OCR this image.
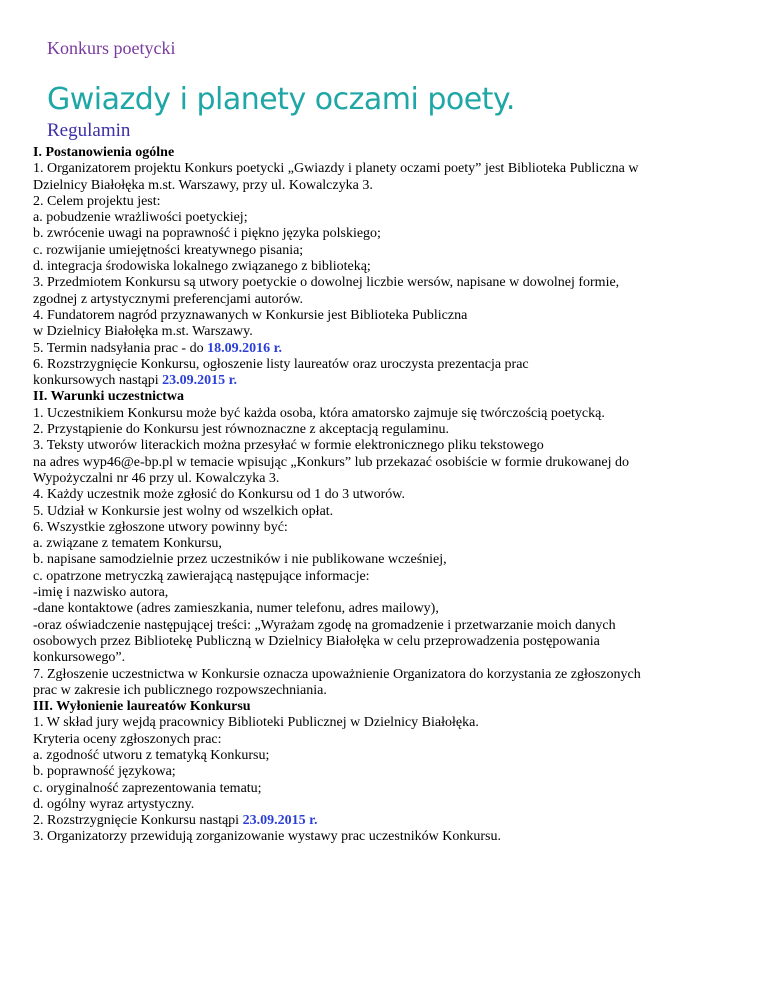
Konkurs poetycki
Gwiazdy i planety oczami poety.
Regulamin
I. Postanowienia ogólne
1. Organizatorem projektu Konkurs poetycki „Gwiazdy i planety oczami poety” jest Biblioteka Publiczna w
Dzielnicy Białołęka m.st. Warszawy, przy ul. Kowalczyka 3.
2. Celem projektu jest:
a. pobudzenie wrażliwości poetyckiej;
b. zwrócenie uwagi na poprawność i piękno języka polskiego;
c. rozwijanie umiejętności kreatywnego pisania;
d. integracja środowiska lokalnego związanego z biblioteką;
3. Przedmiotem Konkursu są utwory poetyckie o dowolnej liczbie wersów, napisane w dowolnej formie,
zgodnej z artystycznymi preferencjami autorów.
4. Fundatorem nagród przyznawanych w Konkursie jest Biblioteka Publiczna
w Dzielnicy Białołęka m.st. Warszawy.
5. Termin nadsyłania prac - do 18.09.2016 r.
6. Rozstrzygnięcie Konkursu, ogłoszenie listy laureatów oraz uroczysta prezentacja prac
konkursowych nastąpi 23.09.2015 r.
II. Warunki uczestnictwa
1. Uczestnikiem Konkursu może być każda osoba, która amatorsko zajmuje się twórczością poetycką.
2. Przystąpienie do Konkursu jest równoznaczne z akceptacją regulaminu.
3. Teksty utworów literackich można przesyłać w formie elektronicznego pliku tekstowego
na adres wyp46@e-bp.pl w temacie wpisując „Konkurs” lub przekazać osobiście w formie drukowanej do
Wypożyczalni nr 46 przy ul. Kowalczyka 3.
4. Każdy uczestnik może zgłosić do Konkursu od 1 do 3 utworów.
5. Udział w Konkursie jest wolny od wszelkich opłat.
6. Wszystkie zgłoszone utwory powinny być:
a. związane z tematem Konkursu,
b. napisane samodzielnie przez uczestników i nie publikowane wcześniej,
c. opatrzone metryczką zawierającą następujące informacje:
-imię i nazwisko autora,
-dane kontaktowe (adres zamieszkania, numer telefonu, adres mailowy),
-oraz oświadczenie następującej treści: „Wyrażam zgodę na gromadzenie i przetwarzanie moich danych
osobowych przez Bibliotekę Publiczną w Dzielnicy Białołęka w celu przeprowadzenia postępowania
konkursowego”.
7. Zgłoszenie uczestnictwa w Konkursie oznacza upoważnienie Organizatora do korzystania ze zgłoszonych
prac w zakresie ich publicznego rozpowszechniania.
III. Wyłonienie laureatów Konkursu
1. W skład jury wejdą pracownicy Biblioteki Publicznej w Dzielnicy Białołęka.
Kryteria oceny zgłoszonych prac:
a. zgodność utworu z tematyką Konkursu;
b. poprawność językowa;
c. oryginalność zaprezentowania tematu;
d. ogólny wyraz artystyczny.
2. Rozstrzygnięcie Konkursu nastąpi 23.09.2015 r.
3. Organizatorzy przewidują zorganizowanie wystawy prac uczestników Konkursu.
